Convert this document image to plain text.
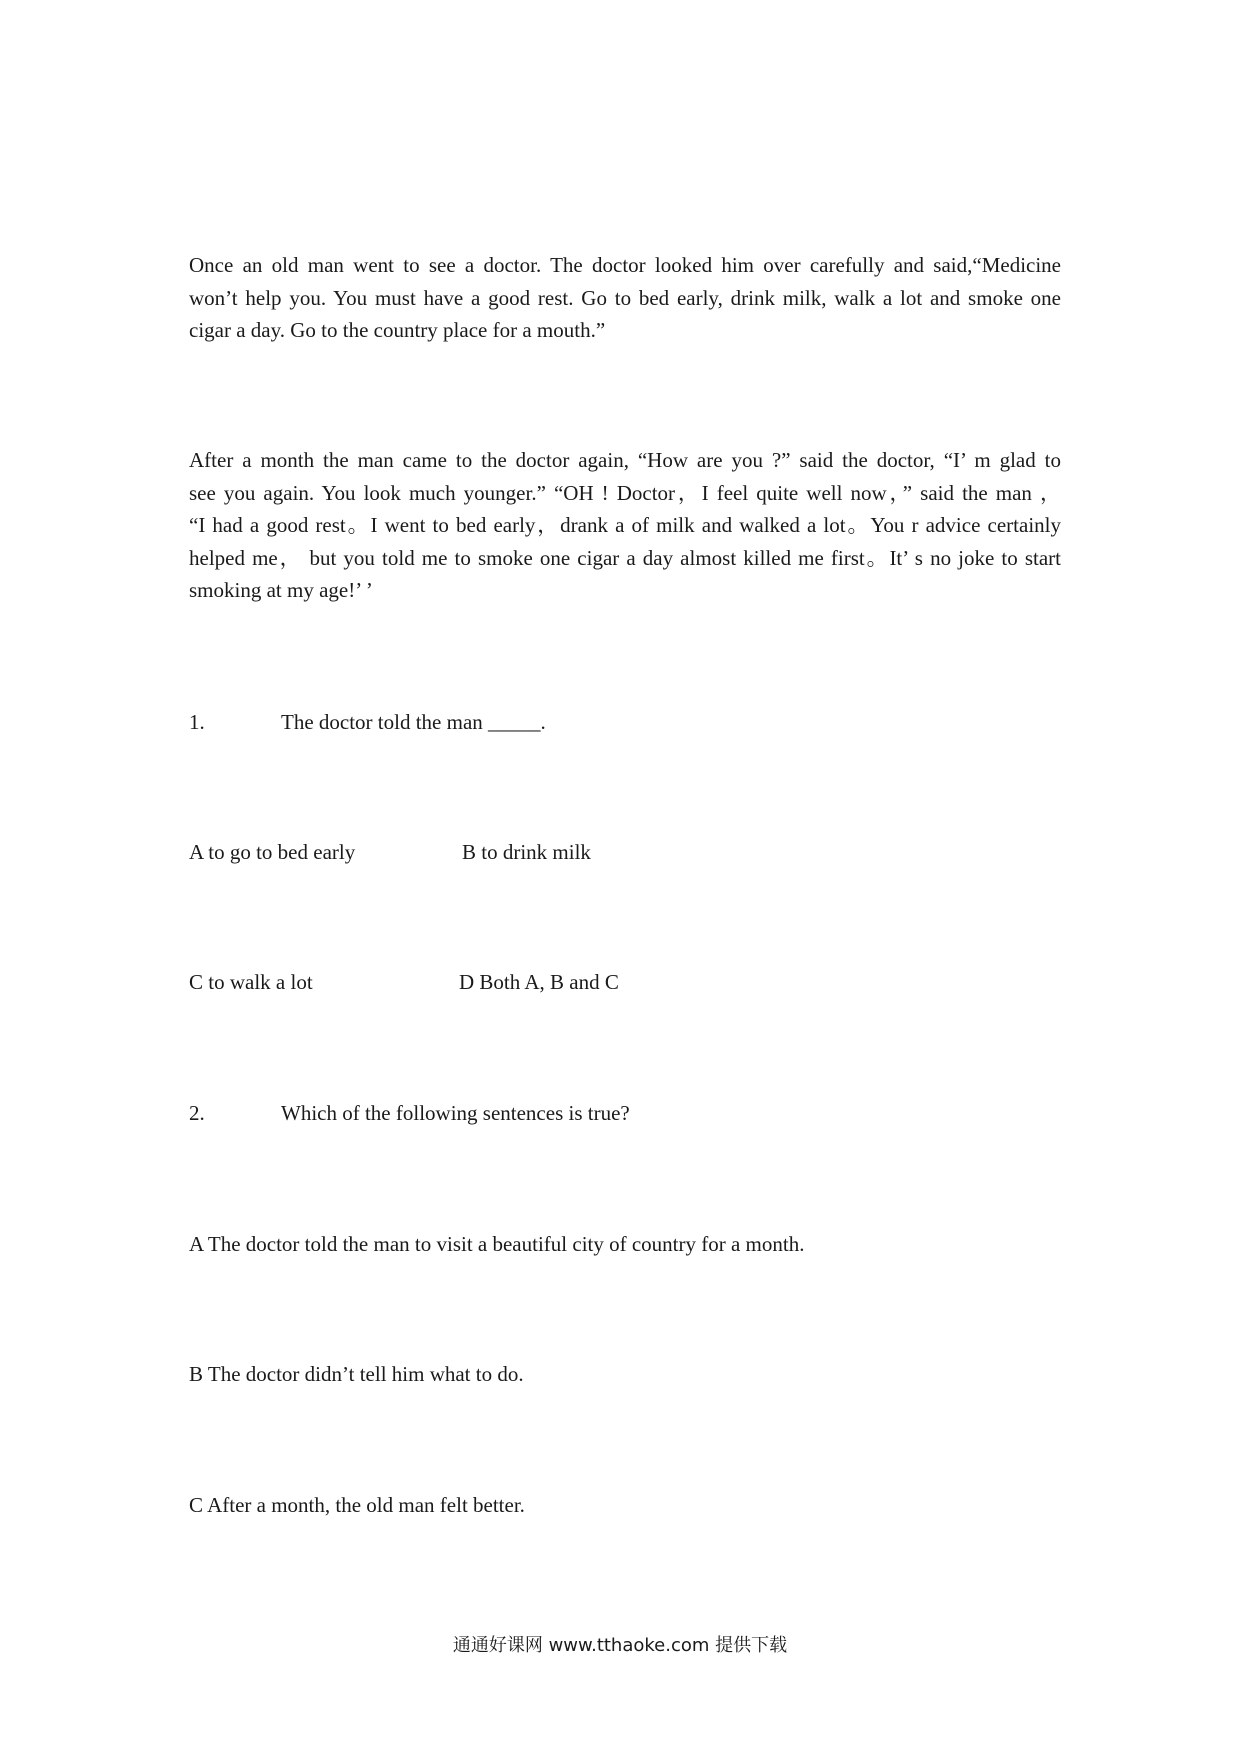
Once an old man went to see a doctor. The doctor looked him over carefully and said,“Medicine
won’t help you. You must have a good rest. Go to bed early, drink milk, walk a lot and smoke one
cigar a day. Go to the country place for a mouth.”
After a month the man came to the doctor again, “How are you ?” said the doctor, “I’ m glad to
see you again. You look much younger.” “OH ! Doctor，I feel quite well now，” said the man ，
“I had a good rest。I went to bed early，drank a of milk and walked a lot。You r advice certainly
helped me， but you told me to smoke one cigar a day almost killed me first。It’ s no joke to start
smoking at my age!’ ’
1.	The doctor told the man _____.
A to go to bed early	B to drink milk
C to walk a lot	D Both A, B and C
2.	Which of the following sentences is true?
A The doctor told the man to visit a beautiful city of country for a month.
B The doctor didn’t tell him what to do.
C After a month, the old man felt better.
通通好课网 www.tthaoke.com 提供下载
